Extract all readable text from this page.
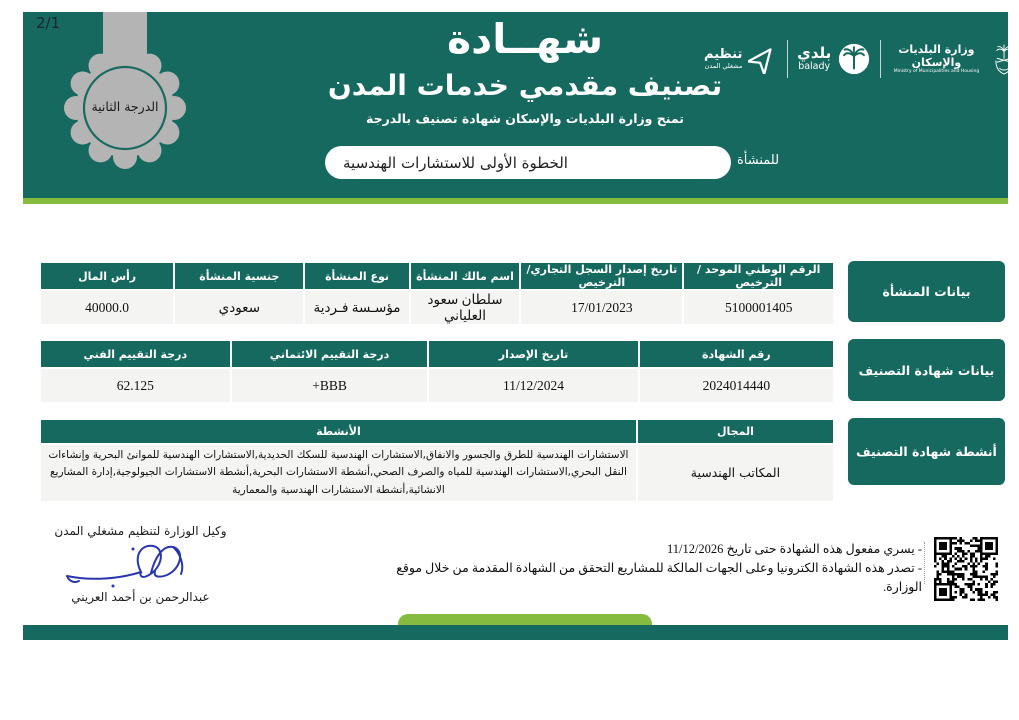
2/1
الدرجة الثانية
شهــادة
تصنيف مقدمي خدمات المدن
تمنح وزارة البلديات والإسكان شهادة تصنيف بالدرجة
للمنشأة
الخطوة الأولى للاستشارات الهندسية
تنظيم
مشغلي المدن
بلدي
balady
وزارة البلديات والإسكان
Ministry of Municipalities and Housing
الرقم الوطني الموحد /الترخيص	تاريخ إصدار السجل التجاري/ الترخيص	اسم مالك المنشأة	نوع المنشأة	جنسية المنشأة	رأس المال
5100001405	17/01/2023	سلطان سعود العلياني	مؤسـسة فـردية	سعودي	40000.0
بيانات المنشأة
رقم الشهادة	تاريخ الإصدار	درجة التقييم الائتماني	درجة التقييم الفني
2024014440	11/12/2024	BBB+	62.125
بيانات شهادة التصنيف
المجال	الأنشطة
المكاتب الهندسية	الاستشارات الهندسية للطرق والجسور والانفاق,الاستشارات الهندسية للسكك الحديدية,الاستشارات الهندسية للموانئ البحرية وإنشاءات النقل البحري,الاستشارات الهندسية للمياه والصرف الصحي,أنشطة الاستشارات البحرية,أنشطة الاستشارات الجيولوجية,إدارة المشاريع الانشائية,أنشطة الاستشارات الهندسية والمعمارية
أنشطة شهادة التصنيف
وكيل الوزارة لتنظيم مشغلي المدن
عبدالرحمن بن أحمد العريني
- يسري مفعول هذه الشهادة حتى تاريخ 11/12/2026
- تصدر هذه الشهادة الكترونيا وعلى الجهات المالكة للمشاريع التحقق من الشهادة المقدمة من خلال موقع الوزارة.
